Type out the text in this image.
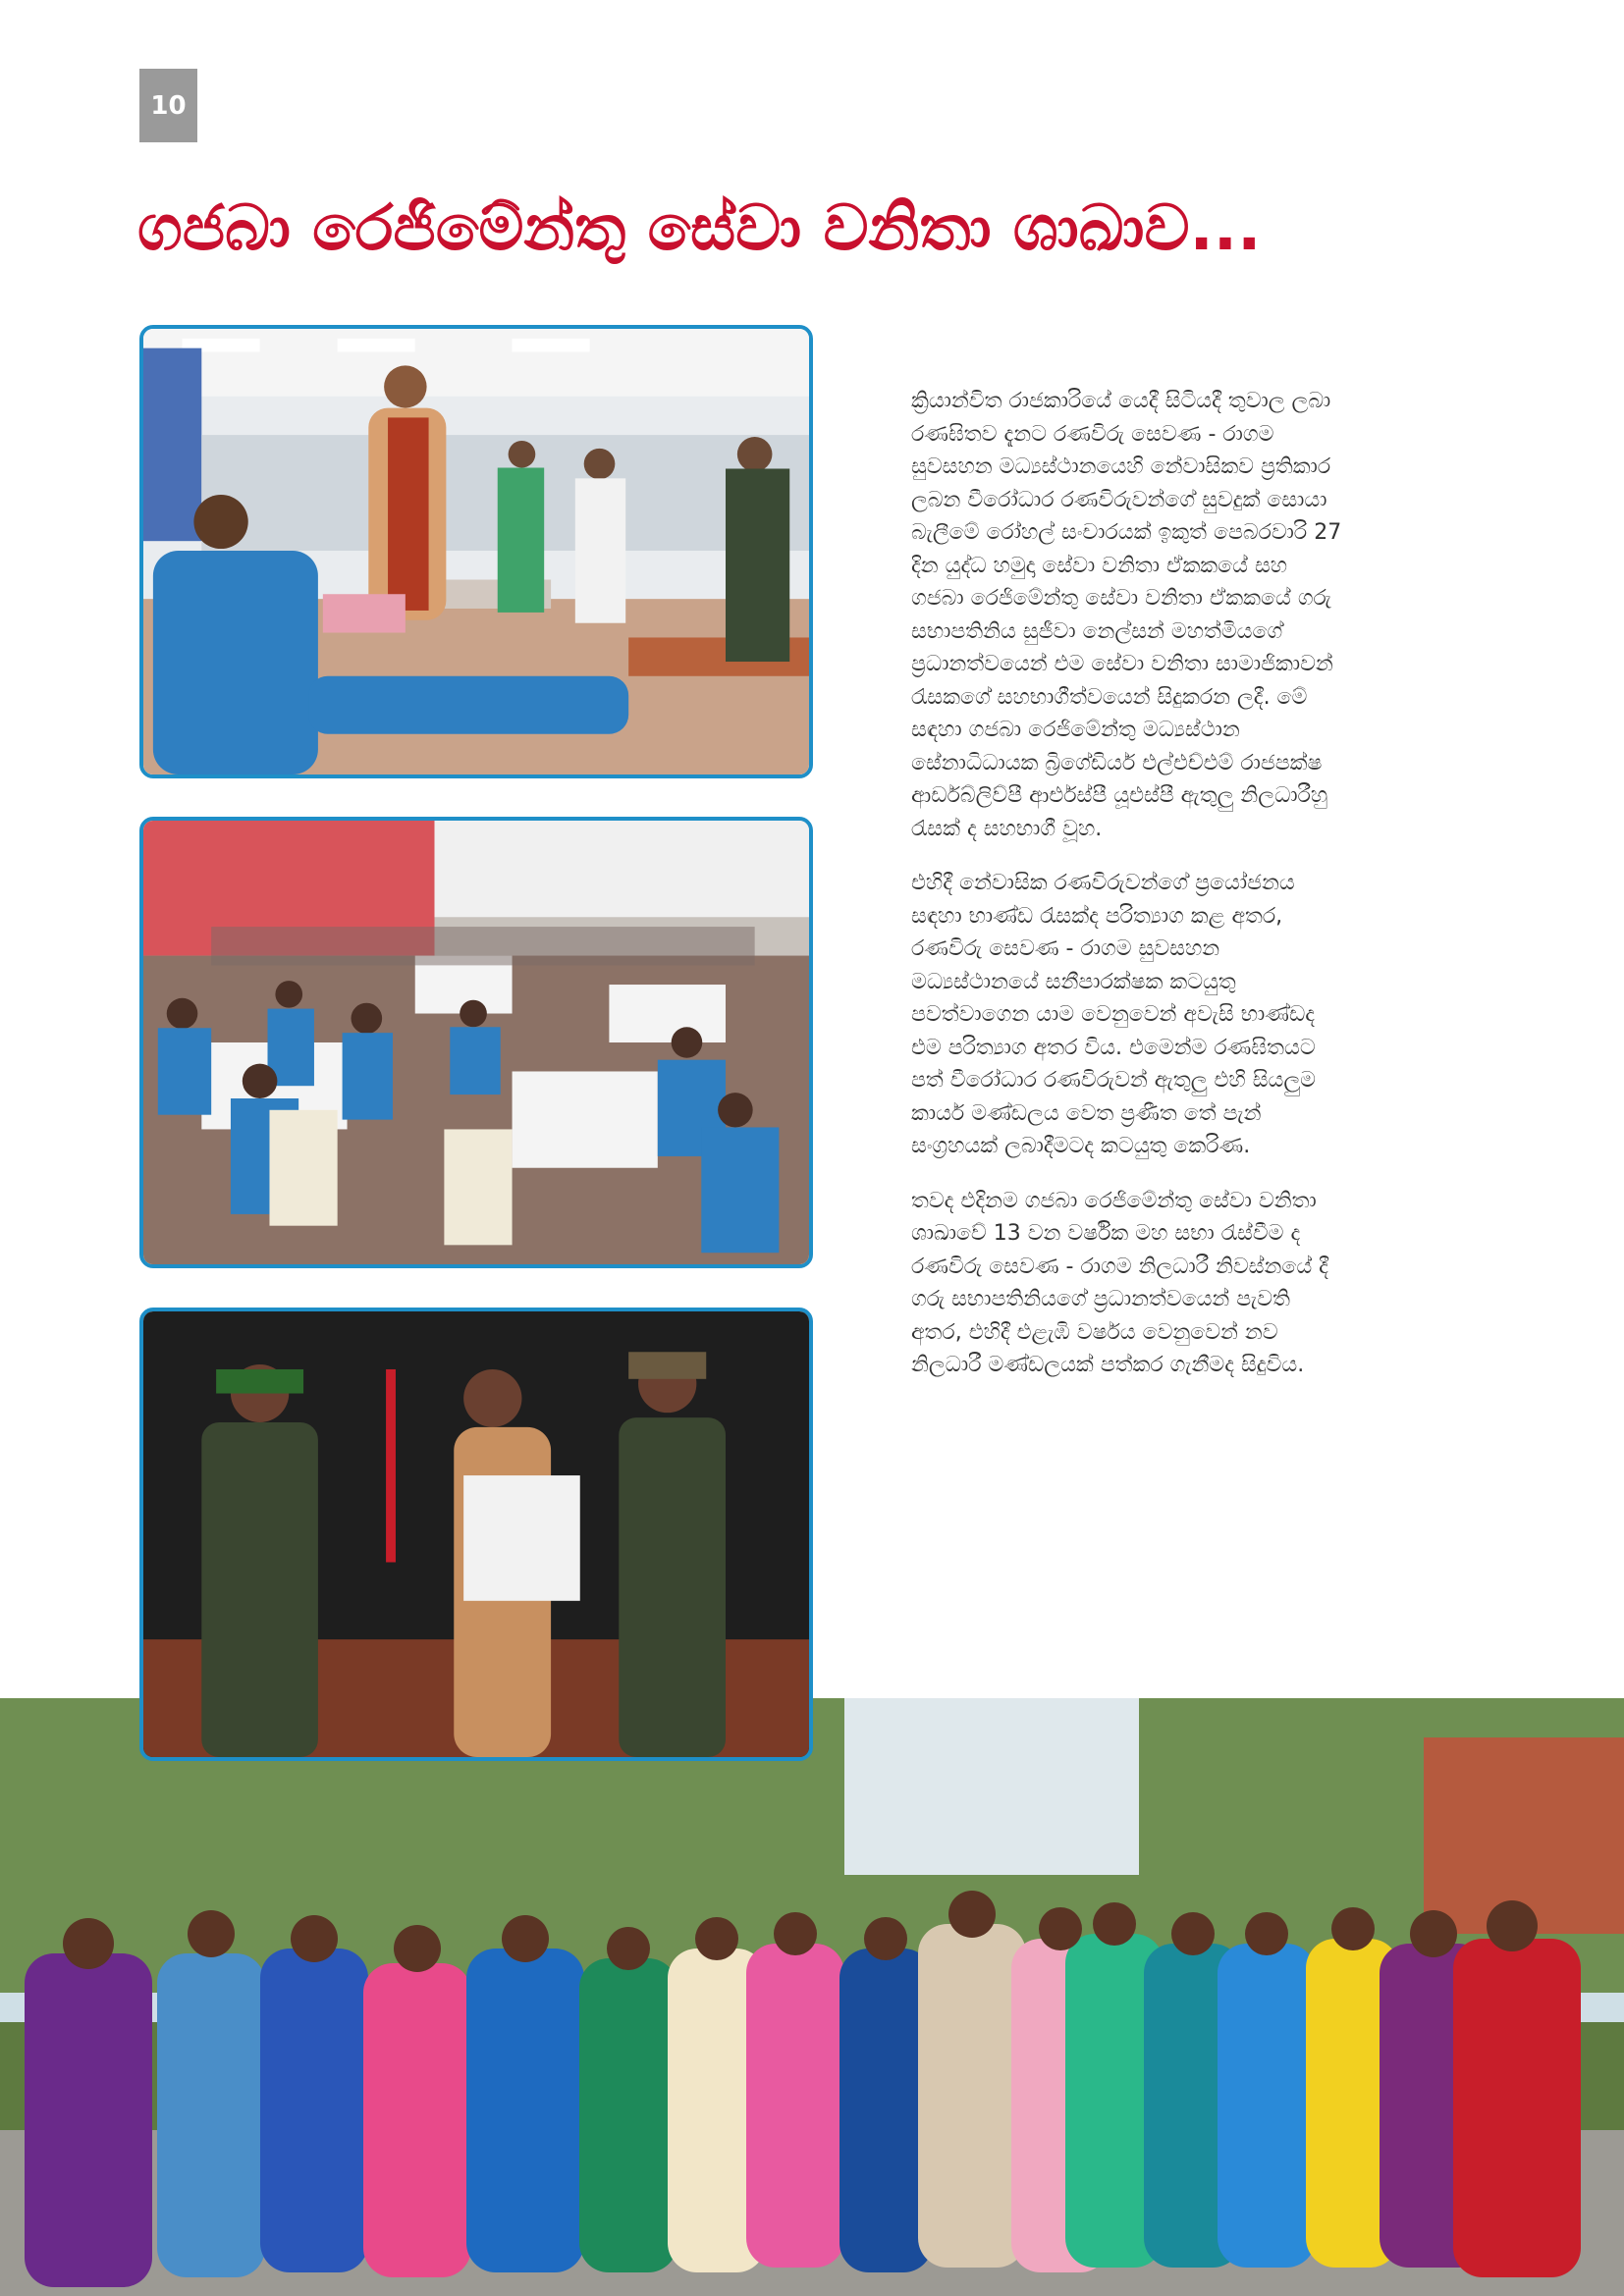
10
ගජබා රෙජිමේන්තු සේවා වනිතා ශාඛාව...

ක්‍රියාන්විත රාජකාරියේ යෙදී සිටියදී තුවාල ලබා රණඝිතව දැනට රණවිරු සෙවණ - රාගම සුවසහන මධ්‍යස්ථානයෙහි නේවාසිකව ප්‍රතිකාර ලබන වීරෝධාර රණවිරුවන්ගේ සුවදුක් සොයා බැලීමේ රෝහල් සංචාරයක් ඉකුත් පෙබරවාරි 27 දින යුද්ධ හමුදා සේවා වනිතා ඒකකයේ සහ ගජබා රෙජිමේන්තු සේවා වනිතා ඒකකයේ ගරු සභාපතිනිය සුජීවා නෙල්සන් මහත්මියගේ ප්‍රධානත්වයෙන් එම සේවා වනිතා සාමාජිකාවන් රැසකගේ සහභාගීත්වයෙන් සිදුකරන ලදී. මේ සඳහා ගජබා රෙජිමේන්තු මධ්‍යස්ථාන සේනාධිධායක බ්‍රිගේඩියර් එල්එච්එම් රාජපක්ෂ ආර්ඩබ්ලිව්පී ආර්එස්පී යූඑස්පී ඇතුලු නිලධාරීහු රැසක් ද සහභාගී වූහ.

එහිදී නේවාසික රණවිරුවන්ගේ ප්‍රයෝජනය සඳහා භාණ්ඩ රැසක්ද පරිත්‍යාග කළ අතර, රණවිරු සෙවණ - රාගම සුවසහන මධ්‍යස්ථානයේ සනීපාරක්ෂක කටයුතු පවත්වාගෙන යාම වෙනුවෙන් අවැසි භාණ්ඩද එම පරිත්‍යාග අතර විය. එමෙන්ම රණඝිතයට පත් වීරෝධාර රණවිරුවන් ඇතුලු එහි සියලුම කාර්ය මණ්ඩලය වෙත ප්‍රණීත තේ පැන් සංග්‍රහයක් ලබාදීමටද කටයුතු කෙරිණ.

තවද එදිනම ගජබා රෙජිමේන්තු සේවා වනිතා ශාඛාවේ 13 වන වර්ෂික මහ සභා රැස්වීම ද රණවිරු සෙවණ - රාගම නිලධාරී නිවස්නයේ දී ගරු සභාපතිනියගේ ප්‍රධානත්වයෙන් පැවති අතර, එහිදී එළැඹි වර්ෂය වෙනුවෙන් නව නිලධාරී මණ්ඩලයක් පත්කර ගැනීමද සිදුවිය.
